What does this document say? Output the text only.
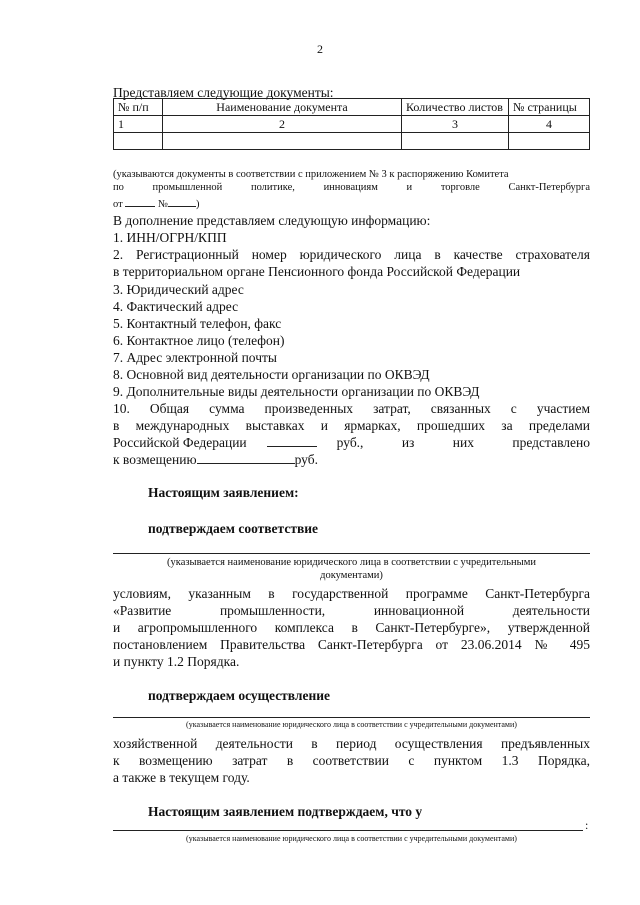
2
Представляем следующие документы:
№ п/п	Наименование документа	Количество листов	№ страницы
1	2	3	4

(указываются документы в соответствии с приложением № 3 к распоряжению Комитета
по промышленной политике, инновациям и торговле Санкт-Петербурга
от	№	)
В дополнение представляем следующую информацию:
1. ИНН/ОГРН/КПП
2. Регистрационный номер юридического лица в качестве страхователя
в территориальном органе Пенсионного фонда Российской Федерации
3. Юридический адрес
4. Фактический адрес
5. Контактный телефон, факс
6. Контактное лицо (телефон)
7. Адрес электронной почты
8. Основной вид деятельности организации по ОКВЭД
9. Дополнительные виды деятельности организации по ОКВЭД
10. Общая сумма произведенных затрат, связанных с участием
в международных выставках и ярмарках, прошедших за пределами
Российской Федерации	руб., из них представлено
к возмещению	руб.
Настоящим заявлением:
подтверждаем соответствие
(указывается наименование юридического лица в соответствии с учредительными
документами)
условиям, указанным в государственной программе Санкт-Петербурга
«Развитие промышленности, инновационной деятельности
и агропромышленного комплекса в Санкт-Петербурге», утвержденной
постановлением Правительства Санкт-Петербурга от 23.06.2014 № 495
и пункту 1.2 Порядка.
подтверждаем осуществление
(указывается наименование юридического лица в соответствии с учредительными документами)
хозяйственной деятельности в период осуществления предъявленных
к возмещению затрат в соответствии с пунктом 1.3 Порядка,
а также в текущем году.
Настоящим заявлением подтверждаем, что у
:
(указывается наименование юридического лица в соответствии с учредительными документами)
